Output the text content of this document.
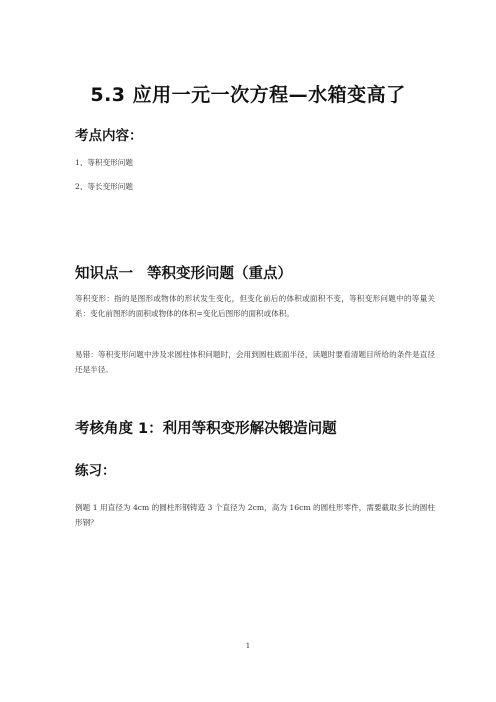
5.3 应用一元一次方程—水箱变高了
考点内容：
1、等积变形问题
2、等长变形问题
知识点一 等积变形问题（重点）
等积变形：指的是图形或物体的形状发生变化，但变化前后的体积或面积不变，等积变形问题中的等量关系：变化前图形的面积或物体的体积=变化后图形的面积或体积。
易错：等积变形问题中涉及求圆柱体积问题时，会用到圆柱底面半径，读题时要看清题目所给的条件是直径还是半径。
考核角度 1：利用等积变形解决锻造问题
练习：
例题 1 用直径为 4cm 的圆柱形钢铸造 3 个直径为 2cm，高为 16cm 的圆柱形零件，需要截取多长的圆柱形钢？
1
